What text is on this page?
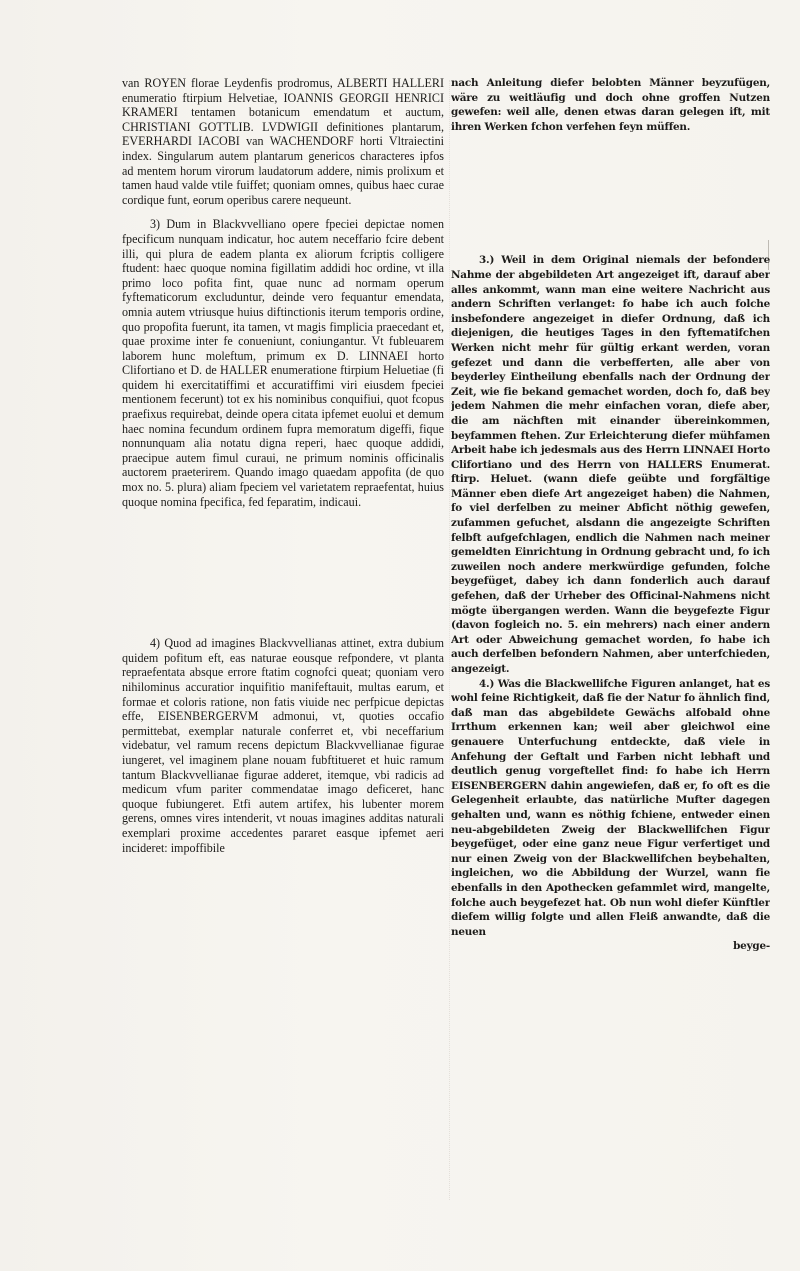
van ROYEN florae Leydenfis prodromus, ALBERTI HALLERI enumeratio ftirpium Helvetiae, IOANNIS GEORGII HENRICI KRAMERI tentamen botanicum emendatum et auctum, CHRISTIANI GOTTLIB. LVDWIGII definitiones plantarum, EVERHARDI IACOBI van WACHENDORF horti Vltraiectini index. Singularum autem plantarum genericos characteres ipfos ad mentem horum virorum laudatorum addere, nimis prolixum et tamen haud valde vtile fuiffet; quoniam omnes, quibus haec curae cordique funt, eorum operibus carere nequeunt.

3) Dum in Blackvvelliano opere fpeciei depictae nomen fpecificum nunquam indicatur, hoc autem neceffario fcire debent illi, qui plura de eadem planta ex aliorum fcriptis colligere ftudent: haec quoque nomina figillatim addidi hoc ordine, vt illa primo loco pofita fint, quae nunc ad normam operum fyftematicorum excluduntur, deinde vero fequantur emendata, omnia autem vtriusque huius diftinctionis iterum temporis ordine, quo propofita fuerunt, ita tamen, vt magis fimplicia praecedant et, quae proxime inter fe conueniunt, coniungantur. Vt fubleuarem laborem hunc moleftum, primum ex D. LINNAEI horto Clifortiano et D. de HALLER enumeratione ftirpium Heluetiae (fi quidem hi exercitatiffimi et accuratiffimi viri eiusdem fpeciei mentionem fecerunt) tot ex his nominibus conquifiui, quot fcopus praefixus requirebat, deinde opera citata ipfemet euolui et demum haec nomina fecundum ordinem fupra memoratum digeffi, fique nonnunquam alia notatu digna reperi, haec quoque addidi, praecipue autem fimul curaui, ne primum nominis officinalis auctorem praeterirem. Quando imago quaedam appofita (de quo mox no. 5. plura) aliam fpeciem vel varietatem repraefentat, huius quoque nomina fpecifica, fed feparatim, indicaui.

4) Quod ad imagines Blackvvellianas attinet, extra dubium quidem pofitum eft, eas naturae eousque refpondere, vt planta repraefentata absque errore ftatim cognofci queat; quoniam vero nihilominus accuratior inquifitio manifeftauit, multas earum, et formae et coloris ratione, non fatis viuide nec perfpicue depictas effe, EISENBERGERVM admonui, vt, quoties occafio permittebat, exemplar naturale conferret et, vbi neceffarium videbatur, vel ramum recens depictum Blackvvellianae figurae iungeret, vel imaginem plane nouam fubftitueret et huic ramum tantum Blackvvellianae figurae adderet, itemque, vbi radicis ad medicum vfum pariter commendatae imago deficeret, hanc quoque fubiungeret. Etfi autem artifex, his lubenter morem gerens, omnes vires intenderit, vt nouas imagines additas naturali exemplari proxime accedentes pararet easque ipfemet aeri incideret: impoffibile

nach Anleitung diefer belobten Männer beyzufügen, wäre zu weitläufig und doch ohne groffen Nutzen gewefen: weil alle, denen etwas daran gelegen ift, mit ihren Werken fchon verfehen feyn müffen.

3.) Weil in dem Original niemals der befondere Nahme der abgebildeten Art angezeiget ift, darauf aber alles ankommt, wann man eine weitere Nachricht aus andern Schriften verlanget: fo habe ich auch folche insbefondere angezeiget in diefer Ordnung, daß ich diejenigen, die heutiges Tages in den fyftematifchen Werken nicht mehr für gültig erkant werden, voran gefezet und dann die verbefferten, alle aber von beyderley Eintheilung ebenfalls nach der Ordnung der Zeit, wie fie bekand gemachet worden, doch fo, daß bey jedem Nahmen die mehr einfachen voran, diefe aber, die am nächften mit einander übereinkommen, beyfammen ftehen. Zur Erleichterung diefer mühfamen Arbeit habe ich jedesmals aus des Herrn LINNAEI Horto Clifortiano und des Herrn von HALLERS Enumerat. ftirp. Heluet. (wann diefe geübte und forgfältige Männer eben diefe Art angezeiget haben) die Nahmen, fo viel derfelben zu meiner Abficht nöthig gewefen, zufammen gefuchet, alsdann die angezeigte Schriften felbft aufgefchlagen, endlich die Nahmen nach meiner gemeldten Einrichtung in Ordnung gebracht und, fo ich zuweilen noch andere merkwürdige gefunden, folche beygefüget, dabey ich dann fonderlich auch darauf gefehen, daß der Urheber des Officinal-Nahmens nicht mögte übergangen werden. Wann die beygefezte Figur (davon fogleich no. 5. ein mehrers) nach einer andern Art oder Abweichung gemachet worden, fo habe ich auch derfelben befondern Nahmen, aber unterfchieden, angezeigt.

4.) Was die Blackwellifche Figuren anlanget, hat es wohl feine Richtigkeit, daß fie der Natur fo ähnlich find, daß man das abgebildete Gewächs alfobald ohne Irrthum erkennen kan; weil aber gleichwol eine genauere Unterfuchung entdeckte, daß viele in Anfehung der Geftalt und Farben nicht lebhaft und deutlich genug vorgeftellet find: fo habe ich Herrn EISENBERGERN dahin angewiefen, daß er, fo oft es die Gelegenheit erlaubte, das natürliche Mufter dagegen gehalten und, wann es nöthig fchiene, entweder einen neu-abgebildeten Zweig der Blackwellifchen Figur beygefüget, oder eine ganz neue Figur verfertiget und nur einen Zweig von der Blackwellifchen beybehalten, ingleichen, wo die Abbildung der Wurzel, wann fie ebenfalls in den Apothecken gefammlet wird, mangelte, folche auch beygefezet hat. Ob nun wohl diefer Künftler diefem willig folgte und allen Fleiß anwandte, daß die neuen

beyge-
